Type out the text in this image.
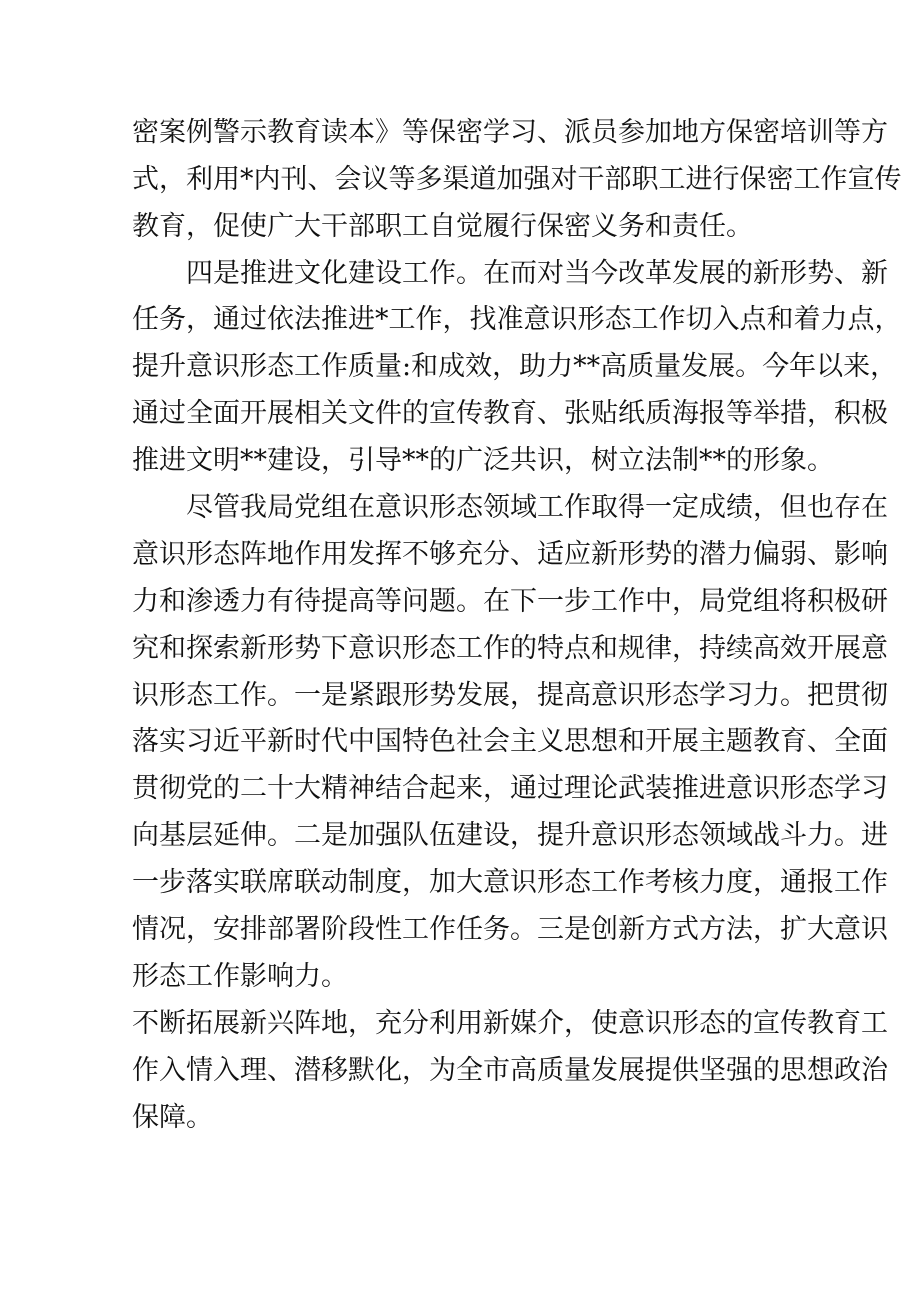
密案例警示教育读本》等保密学习、派员参加地方保密培训等方
式，利用*内刊、会议等多渠道加强对干部职工进行保密工作宣传
教育，促使广大干部职工自觉履行保密义务和责任。
四是推进文化建设工作。在而对当今改革发展的新形势、新
任务，通过依法推进*工作，找准意识形态工作切入点和着力点，
提升意识形态工作质量:和成效，助力**高质量发展。今年以来，
通过全面开展相关文件的宣传教育、张贴纸质海报等举措，积极
推进文明**建设，引导**的广泛共识，树立法制**的形象。
尽管我局党组在意识形态领域工作取得一定成绩，但也存在
意识形态阵地作用发挥不够充分、适应新形势的潜力偏弱、影响
力和渗透力有待提高等问题。在下一步工作中，局党组将积极研
究和探索新形势下意识形态工作的特点和规律，持续高效开展意
识形态工作。一是紧跟形势发展，提高意识形态学习力。把贯彻
落实习近平新时代中国特色社会主义思想和开展主题教育、全面
贯彻党的二十大精神结合起来，通过理论武装推进意识形态学习
向基层延伸。二是加强队伍建设，提升意识形态领域战斗力。进
一步落实联席联动制度，加大意识形态工作考核力度，通报工作
情况，安排部署阶段性工作任务。三是创新方式方法，扩大意识
形态工作影响力。
不断拓展新兴阵地，充分利用新媒介，使意识形态的宣传教育工
作入情入理、潜移默化，为全市高质量发展提供坚强的思想政治
保障。
